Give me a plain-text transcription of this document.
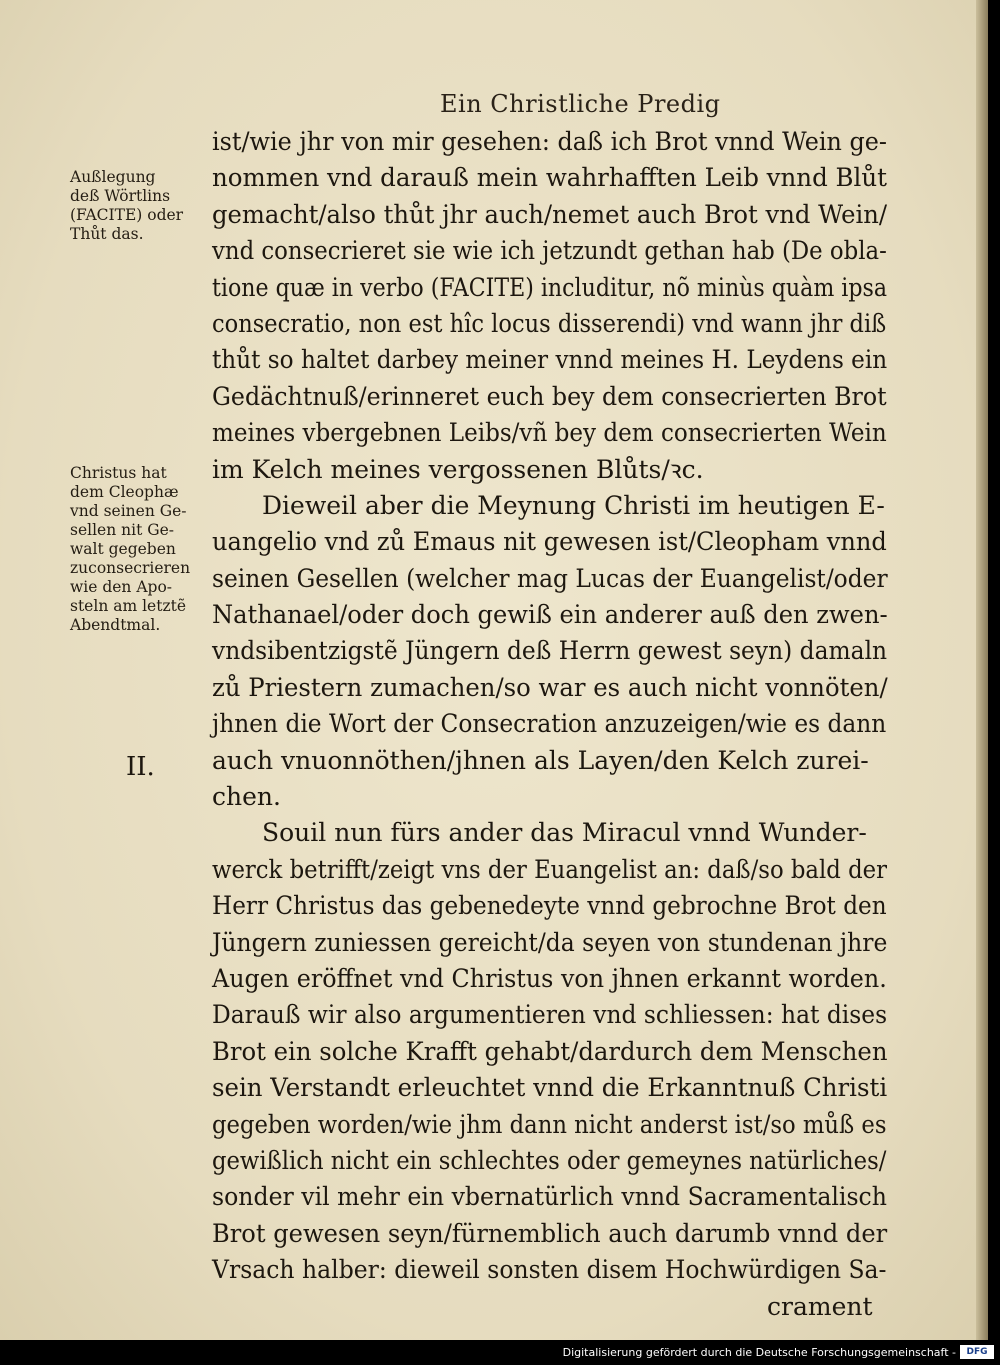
Ein Christliche Predig
Außlegung
deß Wörtlins
(FACITE) oder
Thůt das.
Christus hat
dem Cleophæ
vnd seinen Ge-
sellen nit Ge-
walt gegeben
zuconsecrieren
wie den Apo-
steln am letztẽ
Abendtmal.
II.
ist/wie jhr von mir gesehen: daß ich Brot vnnd Wein ge-
nommen vnd darauß mein wahrhafften Leib vnnd Blůt
gemacht/also thůt jhr auch/nemet auch Brot vnd Wein/
vnd consecrieret sie wie ich jetzundt gethan hab (De obla-
tione quæ in verbo (FACITE) includitur, nõ minùs quàm ipsa
consecratio, non est hîc locus disserendi) vnd wann jhr diß
thůt so haltet darbey meiner vnnd meines H. Leydens ein
Gedächtnuß/erinneret euch bey dem consecrierten Brot
meines vbergebnen Leibs/vñ bey dem consecrierten Wein
im Kelch meines vergossenen Blůts/ꝛc.
Dieweil aber die Meynung Christi im heutigen E-
uangelio vnd zů Emaus nit gewesen ist/Cleopham vnnd
seinen Gesellen (welcher mag Lucas der Euangelist/oder
Nathanael/oder doch gewiß ein anderer auß den zwen-
vndsibentzigstẽ Jüngern deß Herrn gewest seyn) damaln
zů Priestern zumachen/so war es auch nicht vonnöten/
jhnen die Wort der Consecration anzuzeigen/wie es dann
auch vnuonnöthen/jhnen als Layen/den Kelch zurei-
chen.
Souil nun fürs ander das Miracul vnnd Wunder-
werck betrifft/zeigt vns der Euangelist an: daß/so bald der
Herr Christus das gebenedeyte vnnd gebrochne Brot den
Jüngern zuniessen gereicht/da seyen von stundenan jhre
Augen eröffnet vnd Christus von jhnen erkannt worden.
Darauß wir also argumentieren vnd schliessen: hat dises
Brot ein solche Krafft gehabt/dardurch dem Menschen
sein Verstandt erleuchtet vnnd die Erkanntnuß Christi
gegeben worden/wie jhm dann nicht anderst ist/so můß es
gewißlich nicht ein schlechtes oder gemeynes natürliches/
sonder vil mehr ein vbernatürlich vnnd Sacramentalisch
Brot gewesen seyn/fürnemblich auch darumb vnnd der
Vrsach halber: dieweil sonsten disem Hochwürdigen Sa-
crament
Digitalisierung gefördert durch die Deutsche Forschungsgemeinschaft -	DFG
